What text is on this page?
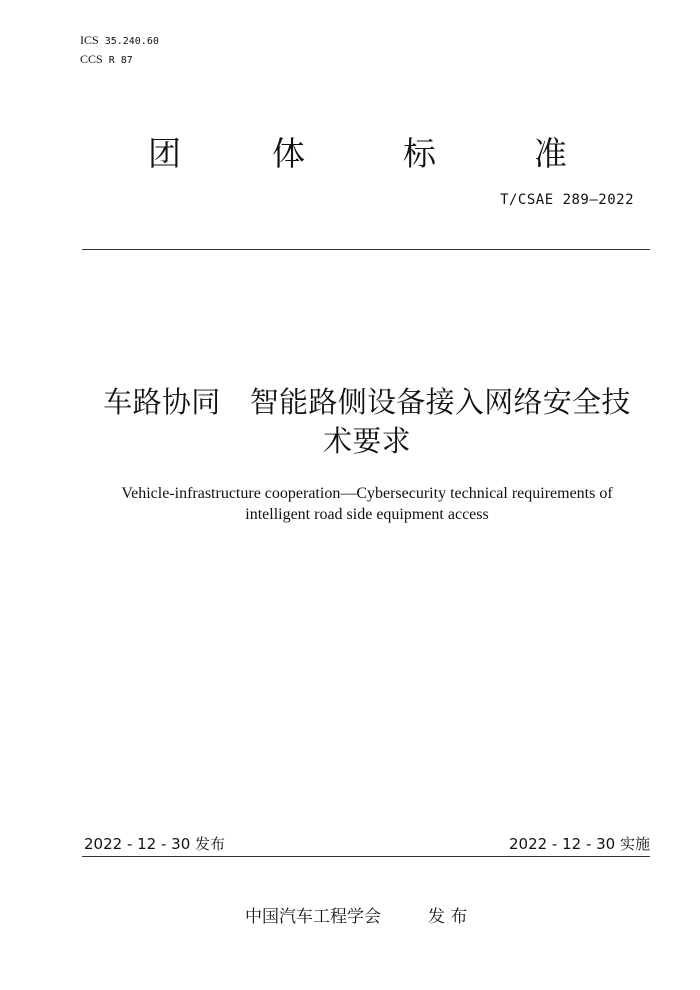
ICS 35.240.60
CCS R 87
团	体	标	准
T/CSAE 289—2022
车路协同　智能路侧设备接入网络安全技
术要求
Vehicle-infrastructure cooperation—Cybersecurity technical requirements of
intelligent road side equipment access
2022 - 12 - 30 发布	2022 - 12 - 30 实施
中国汽车工程学会	发 布
